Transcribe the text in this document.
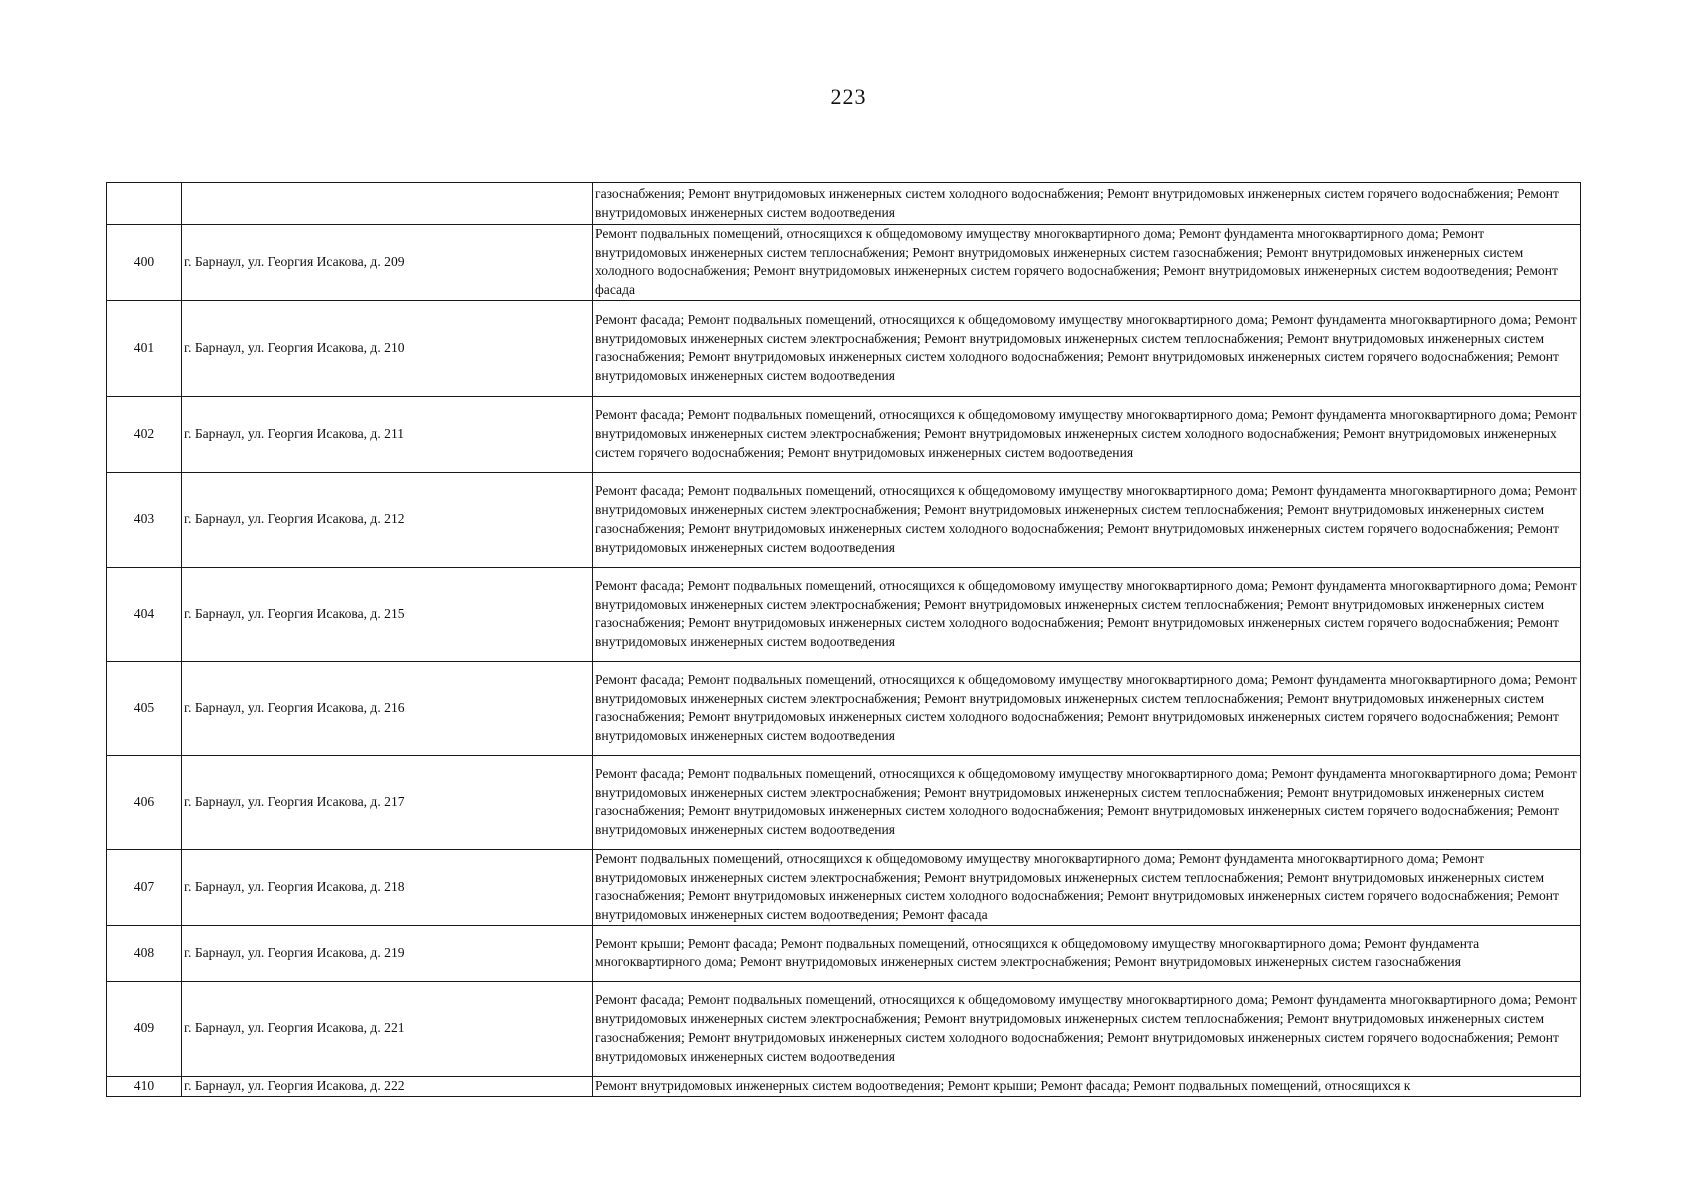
223
		газоснабжения; Ремонт внутридомовых инженерных систем холодного водоснабжения; Ремонт внутридомовых инженерных систем горячего водоснабжения; Ремонт внутридомовых инженерных систем водоотведения
400	г. Барнаул, ул. Георгия Исакова, д. 209	Ремонт подвальных помещений, относящихся к общедомовому имуществу многоквартирного дома; Ремонт фундамента многоквартирного дома; Ремонт внутридомовых инженерных систем теплоснабжения; Ремонт внутридомовых инженерных систем газоснабжения; Ремонт внутридомовых инженерных систем холодного водоснабжения; Ремонт внутридомовых инженерных систем горячего водоснабжения; Ремонт внутридомовых инженерных систем водоотведения; Ремонт фасада
401	г. Барнаул, ул. Георгия Исакова, д. 210	Ремонт фасада; Ремонт подвальных помещений, относящихся к общедомовому имуществу многоквартирного дома; Ремонт фундамента многоквартирного дома; Ремонт внутридомовых инженерных систем электроснабжения; Ремонт внутридомовых инженерных систем теплоснабжения; Ремонт внутридомовых инженерных систем газоснабжения; Ремонт внутридомовых инженерных систем холодного водоснабжения; Ремонт внутридомовых инженерных систем горячего водоснабжения; Ремонт внутридомовых инженерных систем водоотведения
402	г. Барнаул, ул. Георгия Исакова, д. 211	Ремонт фасада; Ремонт подвальных помещений, относящихся к общедомовому имуществу многоквартирного дома; Ремонт фундамента многоквартирного дома; Ремонт внутридомовых инженерных систем электроснабжения; Ремонт внутридомовых инженерных систем холодного водоснабжения; Ремонт внутридомовых инженерных систем горячего водоснабжения; Ремонт внутридомовых инженерных систем водоотведения
403	г. Барнаул, ул. Георгия Исакова, д. 212	Ремонт фасада; Ремонт подвальных помещений, относящихся к общедомовому имуществу многоквартирного дома; Ремонт фундамента многоквартирного дома; Ремонт внутридомовых инженерных систем электроснабжения; Ремонт внутридомовых инженерных систем теплоснабжения; Ремонт внутридомовых инженерных систем газоснабжения; Ремонт внутридомовых инженерных систем холодного водоснабжения; Ремонт внутридомовых инженерных систем горячего водоснабжения; Ремонт внутридомовых инженерных систем водоотведения
404	г. Барнаул, ул. Георгия Исакова, д. 215	Ремонт фасада; Ремонт подвальных помещений, относящихся к общедомовому имуществу многоквартирного дома; Ремонт фундамента многоквартирного дома; Ремонт внутридомовых инженерных систем электроснабжения; Ремонт внутридомовых инженерных систем теплоснабжения; Ремонт внутридомовых инженерных систем газоснабжения; Ремонт внутридомовых инженерных систем холодного водоснабжения; Ремонт внутридомовых инженерных систем горячего водоснабжения; Ремонт внутридомовых инженерных систем водоотведения
405	г. Барнаул, ул. Георгия Исакова, д. 216	Ремонт фасада; Ремонт подвальных помещений, относящихся к общедомовому имуществу многоквартирного дома; Ремонт фундамента многоквартирного дома; Ремонт внутридомовых инженерных систем электроснабжения; Ремонт внутридомовых инженерных систем теплоснабжения; Ремонт внутридомовых инженерных систем газоснабжения; Ремонт внутридомовых инженерных систем холодного водоснабжения; Ремонт внутридомовых инженерных систем горячего водоснабжения; Ремонт внутридомовых инженерных систем водоотведения
406	г. Барнаул, ул. Георгия Исакова, д. 217	Ремонт фасада; Ремонт подвальных помещений, относящихся к общедомовому имуществу многоквартирного дома; Ремонт фундамента многоквартирного дома; Ремонт внутридомовых инженерных систем электроснабжения; Ремонт внутридомовых инженерных систем теплоснабжения; Ремонт внутридомовых инженерных систем газоснабжения; Ремонт внутридомовых инженерных систем холодного водоснабжения; Ремонт внутридомовых инженерных систем горячего водоснабжения; Ремонт внутридомовых инженерных систем водоотведения
407	г. Барнаул, ул. Георгия Исакова, д. 218	Ремонт подвальных помещений, относящихся к общедомовому имуществу многоквартирного дома; Ремонт фундамента многоквартирного дома; Ремонт внутридомовых инженерных систем электроснабжения; Ремонт внутридомовых инженерных систем теплоснабжения; Ремонт внутридомовых инженерных систем газоснабжения; Ремонт внутридомовых инженерных систем холодного водоснабжения; Ремонт внутридомовых инженерных систем горячего водоснабжения; Ремонт внутридомовых инженерных систем водоотведения; Ремонт фасада
408	г. Барнаул, ул. Георгия Исакова, д. 219	Ремонт крыши; Ремонт фасада; Ремонт подвальных помещений, относящихся к общедомовому имуществу многоквартирного дома; Ремонт фундамента многоквартирного дома; Ремонт внутридомовых инженерных систем электроснабжения; Ремонт внутридомовых инженерных систем газоснабжения
409	г. Барнаул, ул. Георгия Исакова, д. 221	Ремонт фасада; Ремонт подвальных помещений, относящихся к общедомовому имуществу многоквартирного дома; Ремонт фундамента многоквартирного дома; Ремонт внутридомовых инженерных систем электроснабжения; Ремонт внутридомовых инженерных систем теплоснабжения; Ремонт внутридомовых инженерных систем газоснабжения; Ремонт внутридомовых инженерных систем холодного водоснабжения; Ремонт внутридомовых инженерных систем горячего водоснабжения; Ремонт внутридомовых инженерных систем водоотведения
410	г. Барнаул, ул. Георгия Исакова, д. 222	Ремонт внутридомовых инженерных систем водоотведения; Ремонт крыши; Ремонт фасада; Ремонт подвальных помещений, относящихся к
